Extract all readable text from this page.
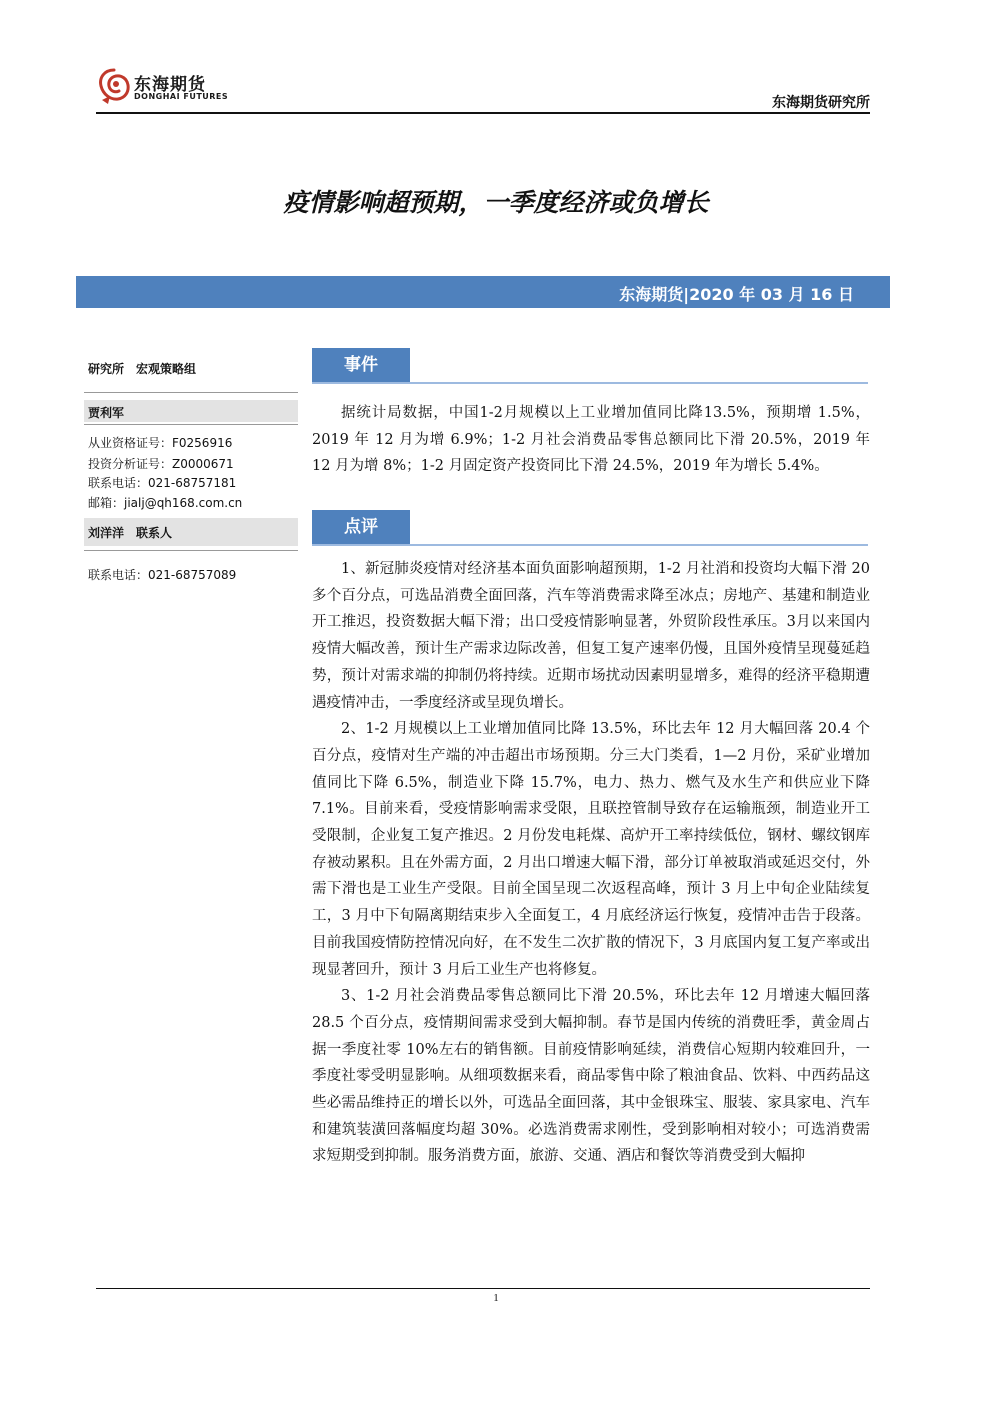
东海期货
DONGHAI FUTURES	东海期货研究所
疫情影响超预期，一季度经济或负增长
东海期货|2020 年 03 月 16 日
研究所　宏观策略组
贾利军
从业资格证号：F0256916
投资分析证号：Z0000671
联系电话：021-68757181
邮箱：jialj@qh168.com.cn
刘洋洋　联系人
联系电话：021-68757089
事件

据统计局数据，中国1-2月规模以上工业增加值同比降13.5%，预期增 1.5%，2019 年 12 月为增 6.9%；1-2 月社会消费品零售总额同比下滑 20.5%，2019 年 12 月为增 8%；1-2 月固定资产投资同比下滑 24.5%，2019 年为增长 5.4%。

点评

1、新冠肺炎疫情对经济基本面负面影响超预期，1-2 月社消和投资均大幅下滑 20 多个百分点，可选品消费全面回落，汽车等消费需求降至冰点；房地产、基建和制造业开工推迟，投资数据大幅下滑；出口受疫情影响显著，外贸阶段性承压。3月以来国内疫情大幅改善，预计生产需求边际改善，但复工复产速率仍慢，且国外疫情呈现蔓延趋势，预计对需求端的抑制仍将持续。近期市场扰动因素明显增多，难得的经济平稳期遭遇疫情冲击，一季度经济或呈现负增长。

2、1-2 月规模以上工业增加值同比降 13.5%，环比去年 12 月大幅回落 20.4 个百分点，疫情对生产端的冲击超出市场预期。分三大门类看，1—2 月份，采矿业增加值同比下降 6.5%，制造业下降 15.7%，电力、热力、燃气及水生产和供应业下降 7.1%。目前来看，受疫情影响需求受限，且联控管制导致存在运输瓶颈，制造业开工受限制，企业复工复产推迟。2 月份发电耗煤、高炉开工率持续低位，钢材、螺纹钢库存被动累积。且在外需方面，2 月出口增速大幅下滑，部分订单被取消或延迟交付，外需下滑也是工业生产受限。目前全国呈现二次返程高峰，预计 3 月上中旬企业陆续复工，3 月中下旬隔离期结束步入全面复工，4 月底经济运行恢复，疫情冲击告于段落。目前我国疫情防控情况向好，在不发生二次扩散的情况下，3 月底国内复工复产率或出现显著回升，预计 3 月后工业生产也将修复。

3、1-2 月社会消费品零售总额同比下滑 20.5%，环比去年 12 月增速大幅回落 28.5 个百分点，疫情期间需求受到大幅抑制。春节是国内传统的消费旺季，黄金周占据一季度社零 10%左右的销售额。目前疫情影响延续，消费信心短期内较难回升，一季度社零受明显影响。从细项数据来看，商品零售中除了粮油食品、饮料、中西药品这些必需品维持正的增长以外，可选品全面回落，其中金银珠宝、服装、家具家电、汽车和建筑装潢回落幅度均超 30%。必选消费需求刚性，受到影响相对较小；可选消费需求短期受到抑制。服务消费方面，旅游、交通、酒店和餐饮等消费受到大幅抑

1
